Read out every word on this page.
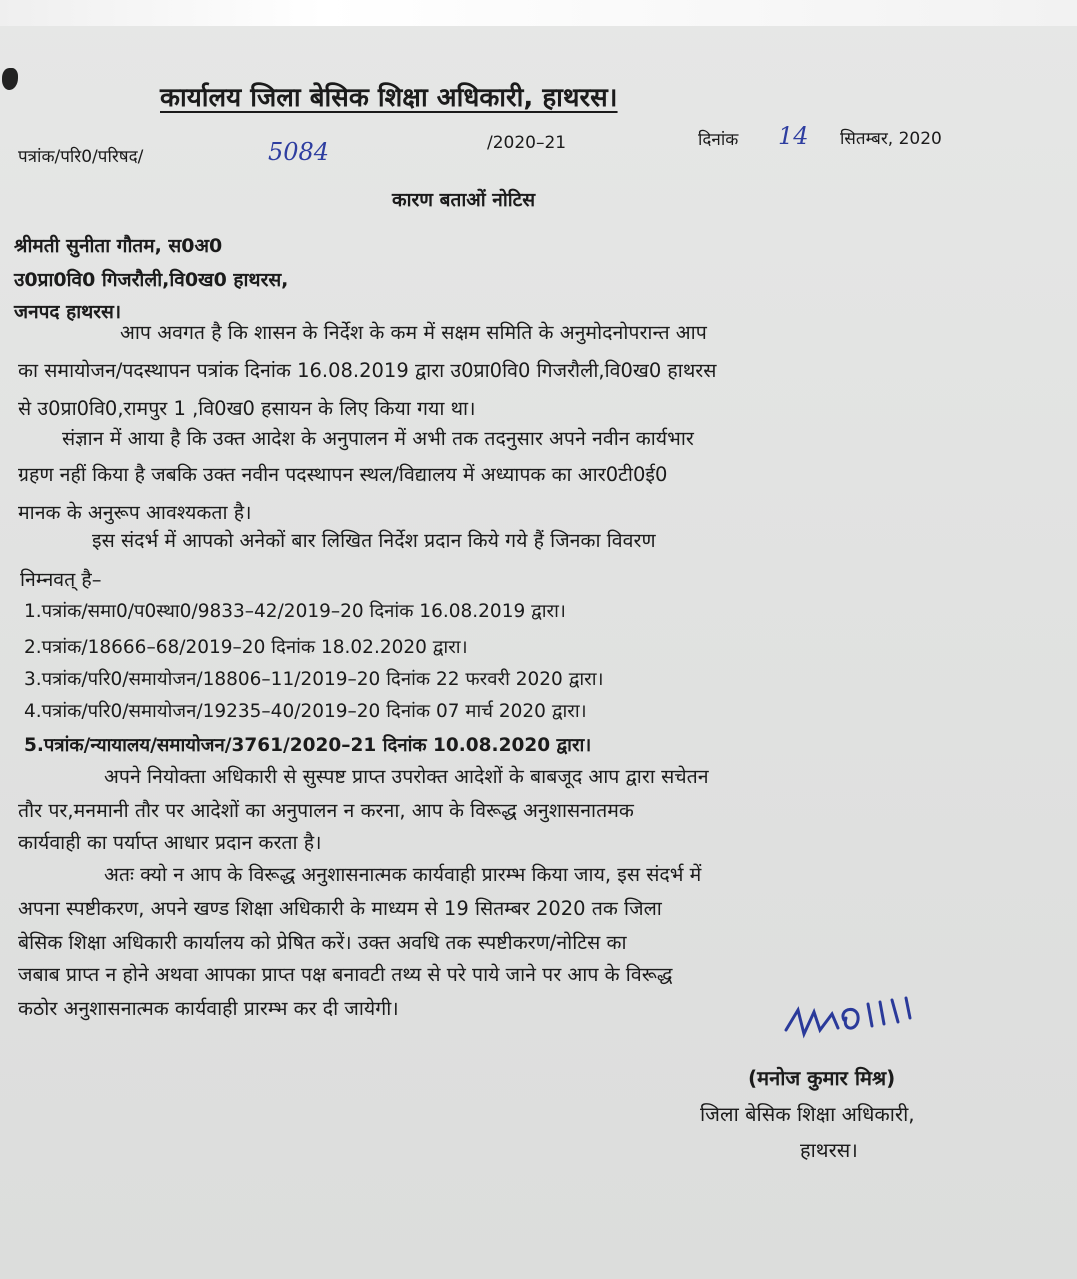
कार्यालय जिला बेसिक शिक्षा अधिकारी, हाथरस।
पत्रांक/परि0/परिषद/	5084	/2020–21	दिनांक 14 सितम्बर, 2020
कारण बताओं नोटिस
श्रीमती सुनीता गौतम, स0अ0
उ0प्रा0वि0 गिजरौली,वि0ख0 हाथरस,
जनपद हाथरस।
आप अवगत है कि शासन के निर्देश के कम में सक्षम समिति के अनुमोदनोपरान्त आप
का समायोजन/पदस्थापन पत्रांक दिनांक 16.08.2019 द्वारा उ0प्रा0वि0 गिजरौली,वि0ख0 हाथरस
से उ0प्रा0वि0,रामपुर 1 ,वि0ख0 हसायन के लिए किया गया था।
संज्ञान में आया है कि उक्त आदेश के अनुपालन में अभी तक तदनुसार अपने नवीन कार्यभार
ग्रहण नहीं किया है जबकि उक्त नवीन पदस्थापन स्थल/विद्यालय में अध्यापक का आर0टी0ई0
मानक के अनुरूप आवश्यकता है।
इस संदर्भ में आपको अनेकों बार लिखित निर्देश प्रदान किये गये हैं जिनका विवरण
निम्नवत् है–
1.पत्रांक/समा0/प0स्था0/9833–42/2019–20 दिनांक 16.08.2019 द्वारा।
2.पत्रांक/18666–68/2019–20 दिनांक 18.02.2020 द्वारा।
3.पत्रांक/परि0/समायोजन/18806–11/2019–20 दिनांक 22 फरवरी 2020 द्वारा।
4.पत्रांक/परि0/समायोजन/19235–40/2019–20 दिनांक 07 मार्च 2020 द्वारा।
5.पत्रांक/न्यायालय/समायोजन/3761/2020–21 दिनांक 10.08.2020 द्वारा।
अपने नियोक्ता अधिकारी से सुस्पष्ट प्राप्त उपरोक्त आदेशों के बाबजूद आप द्वारा सचेतन
तौर पर,मनमानी तौर पर आदेशों का अनुपालन न करना, आप के विरूद्ध अनुशासनातमक
कार्यवाही का पर्याप्त आधार प्रदान करता है।
अतः क्यो न आप के विरूद्ध अनुशासनात्मक कार्यवाही प्रारम्भ किया जाय, इस संदर्भ में
अपना स्पष्टीकरण, अपने खण्ड शिक्षा अधिकारी के माध्यम से 19 सितम्बर 2020 तक जिला
बेसिक शिक्षा अधिकारी कार्यालय को प्रेषित करें। उक्त अवधि तक स्पष्टीकरण/नोटिस का
जबाब प्राप्त न होने अथवा आपका प्राप्त पक्ष बनावटी तथ्य से परे पाये जाने पर आप के विरूद्ध
कठोर अनुशासनात्मक कार्यवाही प्रारम्भ कर दी जायेगी।
(मनोज कुमार मिश्र)
जिला बेसिक शिक्षा अधिकारी,
हाथरस।
